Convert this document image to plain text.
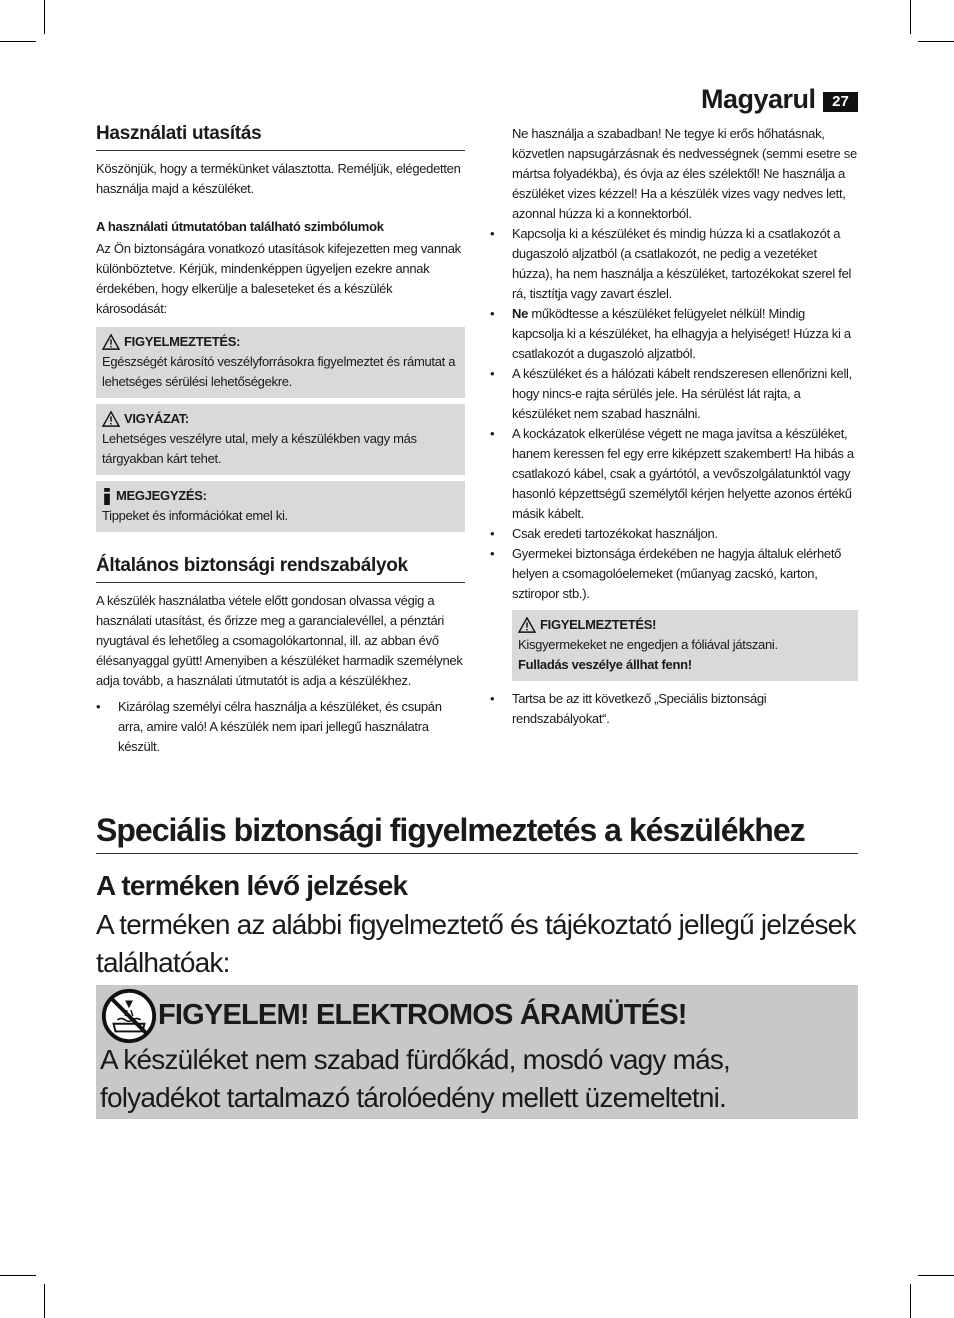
Magyarul	27
Használati utasítás

Köszönjük, hogy a termékünket választotta. Reméljük, elégedetten használja majd a készüléket.

A használati útmutatóban található szimbólumok

Az Ön biztonságára vonatkozó utasítások kifejezetten meg vannak különböztetve. Kérjük, mindenképpen ügyeljen ezekre annak érdekében, hogy elkerülje a baleseteket és a készülék károsodását:

FIGYELMEZTETÉS:
Egészségét károsító veszélyforrásokra figyelmeztet és rámutat a lehetséges sérülési lehetőségekre.
VIGYÁZAT:
Lehetséges veszélyre utal, mely a készülékben vagy más tárgyakban kárt tehet.
MEGJEGYZÉS:
Tippeket és információkat emel ki.
Általános biztonsági rendszabályok

A készülék használatba vétele előtt gondosan olvassa végig a használati utasítást, és őrizze meg a garancialevéllel, a pénztári nyugtával és lehetőleg a csomagolókartonnal, ill. az abban évő élésanyaggal gyütt! Amenyiben a készüléket harmadik személynek adja tovább, a használati útmutatót is adja a készülékhez.

•	Kizárólag személyi célra használja a készüléket, és csupán arra, amire való! A készülék nem ipari jellegű használatra készült.

Ne használja a szabadban! Ne tegye ki erős hőhatásnak, közvetlen napsugárzásnak és nedvességnek (semmi esetre se mártsa folyadékba), és óvja az éles szélektől! Ne használja a észüléket vizes kézzel! Ha a készülék vizes vagy nedves lett, azonnal húzza ki a konnektorból.

•	Kapcsolja ki a készüléket és mindig húzza ki a csatlakozót a dugaszoló aljzatból (a csatlakozót, ne pedig a vezetéket húzza), ha nem használja a készüléket, tartozékokat szerel fel rá, tisztítja vagy zavart észlel.
•	Ne működtesse a készüléket felügyelet nélkül! Mindig kapcsolja ki a készüléket, ha elhagyja a helyiséget! Húzza ki a csatlakozót a dugaszoló aljzatból.
•	A készüléket és a hálózati kábelt rendszeresen ellenőrizni kell, hogy nincs-e rajta sérülés jele. Ha sérülést lát rajta, a készüléket nem szabad használni.
•	A kockázatok elkerülése végett ne maga javítsa a készüléket, hanem keressen fel egy erre kiképzett szakembert! Ha hibás a csatlakozó kábel, csak a gyártótól, a vevőszolgálatunktól vagy hasonló képzettségű személytől kérjen helyette azonos értékű másik kábelt.
•	Csak eredeti tartozékokat használjon.
•	Gyermekei biztonsága érdekében ne hagyja általuk elérhető helyen a csomagolóelemeket (műanyag zacskó, karton, sztiropor stb.).
FIGYELMEZTETÉS!
Kisgyermekeket ne engedjen a fóliával játszani.
Fulladás veszélye állhat fenn!
•	Tartsa be az itt következő „Speciális biztonsági rendszabályokat“.
Speciális biztonsági figyelmeztetés a készülékhez
A terméken lévő jelzések
A terméken az alábbi figyelmeztető és tájékoztató jellegű jelzések találhatóak:
FIGYELEM! ELEKTROMOS ÁRAMÜTÉS!
A készüléket nem szabad fürdőkád, mosdó vagy más, folyadékot tartalmazó tárolóedény mellett üzemeltetni.
